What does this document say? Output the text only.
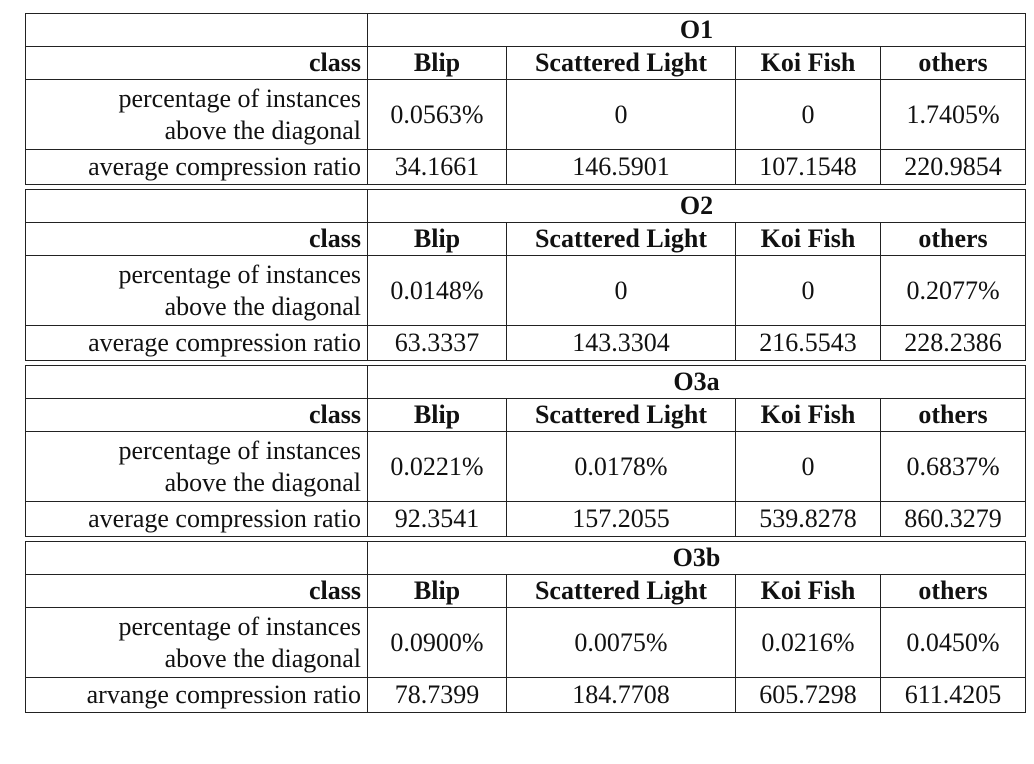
	O1			
class	Blip	Scattered Light	Koi Fish	others

percentage of instances
above the diagonal	0.0563%	0	0	1.7405%

average compression ratio	34.1661	146.5901	107.1548	220.9854
	O2			
class	Blip	Scattered Light	Koi Fish	others

percentage of instances
above the diagonal	0.0148%	0	0	0.2077%

average compression ratio	63.3337	143.3304	216.5543	228.2386
	O3a			
class	Blip	Scattered Light	Koi Fish	others

percentage of instances
above the diagonal	0.0221%	0.0178%	0	0.6837%

average compression ratio	92.3541	157.2055	539.8278	860.3279
	O3b			
class	Blip	Scattered Light	Koi Fish	others

percentage of instances
above the diagonal	0.0900%	0.0075%	0.0216%	0.0450%

arvange compression ratio	78.7399	184.7708	605.7298	611.4205
